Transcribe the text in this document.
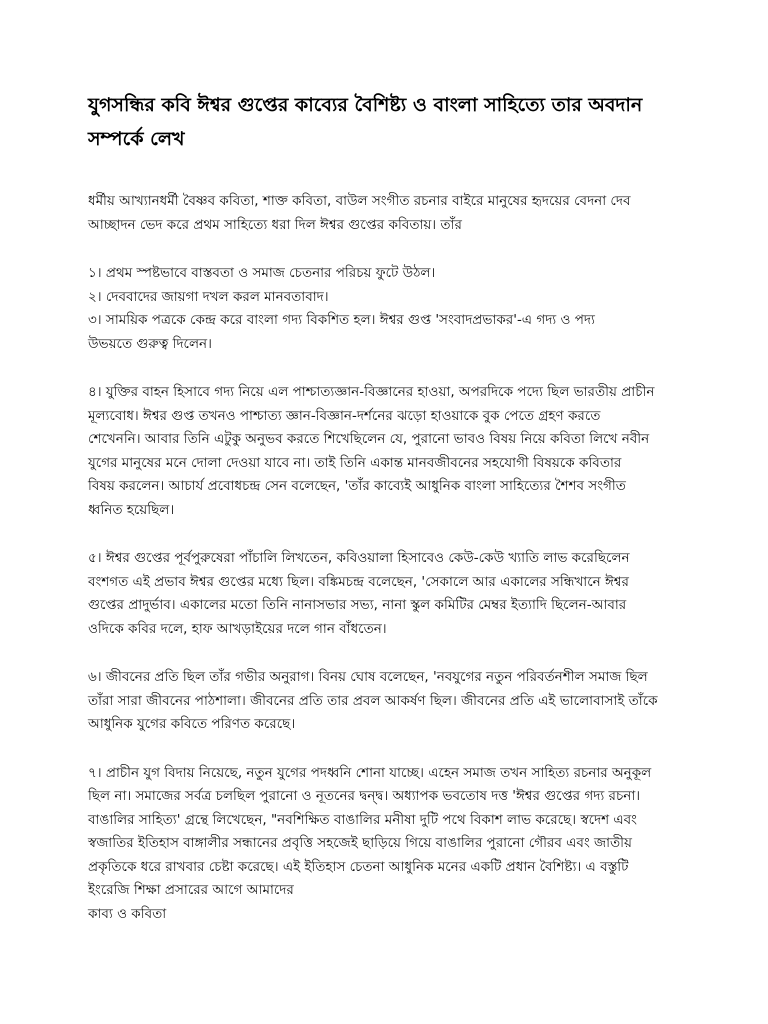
যুগসন্ধির কবি ঈশ্বর গুপ্তের কাব্যের বৈশিষ্ট্য ও বাংলা সাহিত্যে তার অবদান
সম্পর্কে লেখ
ধর্মীয় আখ্যানধর্মী বৈষ্ণব কবিতা, শাক্ত কবিতা, বাউল সংগীত রচনার বাইরে মানুষের হৃদয়ের বেদনা দেব
আচ্ছাদন ভেদ করে প্রথম সাহিত্যে ধরা দিল ঈশ্বর গুপ্তের কবিতায়। তাঁর
১। প্রথম স্পষ্টভাবে বাস্তবতা ও সমাজ চেতনার পরিচয় ফুটে উঠল।
২। দেববাদের জায়গা দখল করল মানবতাবাদ।
৩। সাময়িক পত্রকে কেন্দ্র করে বাংলা গদ্য বিকশিত হল। ঈশ্বর গুপ্ত 'সংবাদপ্রভাকর'-এ গদ্য ও পদ্য
উভয়তে গুরুত্ব দিলেন।
৪। যুক্তির বাহন হিসাবে গদ্য নিয়ে এল পাশ্চাত্যজ্ঞান-বিজ্ঞানের হাওয়া, অপরদিকে পদ্যে ছিল ভারতীয় প্রাচীন
মূল্যবোধ। ঈশ্বর গুপ্ত তখনও পাশ্চাত্য জ্ঞান-বিজ্ঞান-দর্শনের ঝড়ো হাওয়াকে বুক পেতে গ্রহণ করতে
শেখেননি। আবার তিনি এটুকু অনুভব করতে শিখেছিলেন যে, পুরানো ভাবও বিষয় নিয়ে কবিতা লিখে নবীন
যুগের মানুষের মনে দোলা দেওয়া যাবে না। তাই তিনি একান্ত মানবজীবনের সহযোগী বিষয়কে কবিতার
বিষয় করলেন। আচার্য প্রবোধচন্দ্র সেন বলেছেন, 'তাঁর কাব্যেই আধুনিক বাংলা সাহিত্যের শৈশব সংগীত
ধ্বনিত হয়েছিল।
৫। ঈশ্বর গুপ্তের পূর্বপুরুষেরা পাঁচালি লিখতেন, কবিওয়ালা হিসাবেও কেউ-কেউ খ্যাতি লাভ করেছিলেন
বংশগত এই প্রভাব ঈশ্বর গুপ্তের মধ্যে ছিল। বঙ্কিমচন্দ্র বলেছেন, 'সেকালে আর একালের সন্ধিখানে ঈশ্বর
গুপ্তের প্রাদুর্ভাব। একালের মতো তিনি নানাসভার সভ্য, নানা স্কুল কমিটির মেম্বর ইত্যাদি ছিলেন-আবার
ওদিকে কবির দলে, হাফ আখড়াইয়ের দলে গান বাঁধতেন।
৬। জীবনের প্রতি ছিল তাঁর গভীর অনুরাগ। বিনয় ঘোষ বলেছেন, 'নবযুগের নতুন পরিবর্তনশীল সমাজ ছিল
তাঁরা সারা জীবনের পাঠশালা। জীবনের প্রতি তার প্রবল আকর্ষণ ছিল। জীবনের প্রতি এই ভালোবাসাই তাঁকে
আধুনিক যুগের কবিতে পরিণত করেছে।
৭। প্রাচীন যুগ বিদায় নিয়েছে, নতুন যুগের পদধ্বনি শোনা যাচ্ছে। এহেন সমাজ তখন সাহিত্য রচনার অনুকূল
ছিল না। সমাজের সর্বত্র চলছিল পুরানো ও নূতনের দ্বন্দ্ব। অধ্যাপক ভবতোষ দত্ত 'ঈশ্বর গুপ্তের গদ্য রচনা।
বাঙালির সাহিত্য' গ্রন্থে লিখেছেন, "নবশিক্ষিত বাঙালির মনীষা দুটি পথে বিকাশ লাভ করেছে। স্বদেশ এবং
স্বজাতির ইতিহাস বাঙ্গালীর সন্ধানের প্রবৃত্তি সহজেই ছাড়িয়ে গিয়ে বাঙালির পুরানো গৌরব এবং জাতীয়
প্রকৃতিকে ধরে রাখবার চেষ্টা করেছে। এই ইতিহাস চেতনা আধুনিক মনের একটি প্রধান বৈশিষ্ট্য। এ বস্তুটি
ইংরেজি শিক্ষা প্রসারের আগে আমাদের
কাব্য ও কবিতা
